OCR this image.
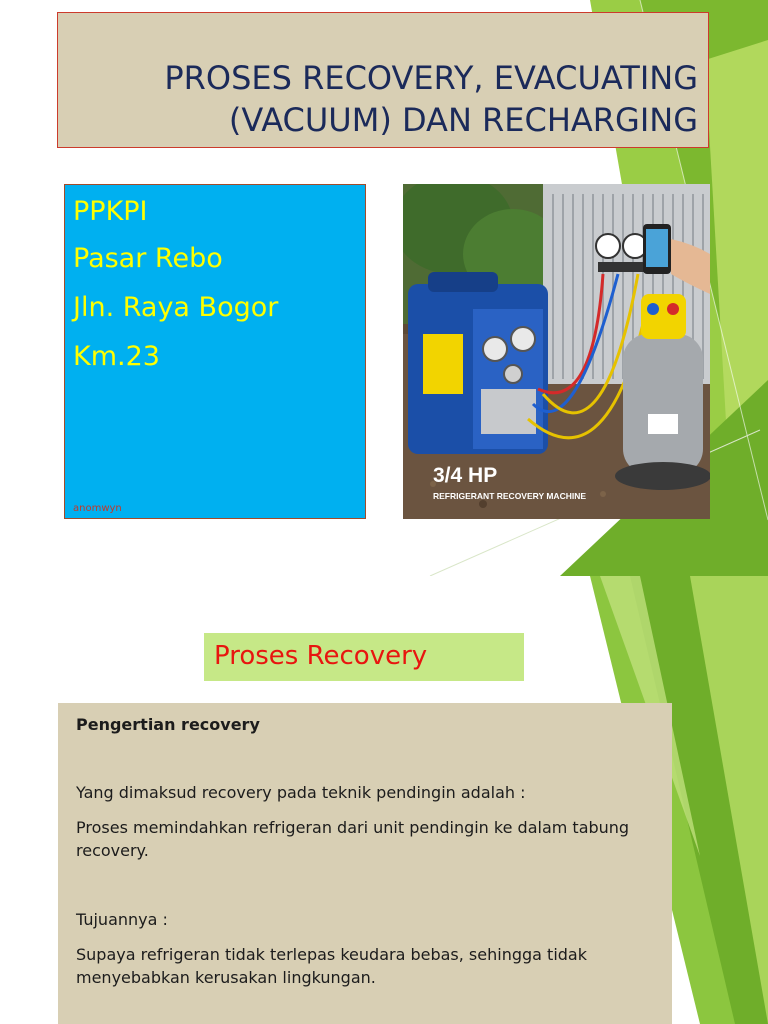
PROSES RECOVERY, EVACUATING
(VACUUM) DAN RECHARGING
PPKPI
Pasar Rebo
Jln. Raya Bogor
Km.23
anomwyn
3/4 HP
REFRIGERANT RECOVERY MACHINE
Proses Recovery
Pengertian recovery
Yang dimaksud recovery pada teknik pendingin adalah :
Proses memindahkan refrigeran dari unit pendingin ke dalam tabung recovery.
Tujuannya :
Supaya refrigeran tidak terlepas keudara bebas, sehingga tidak menyebabkan kerusakan lingkungan.
